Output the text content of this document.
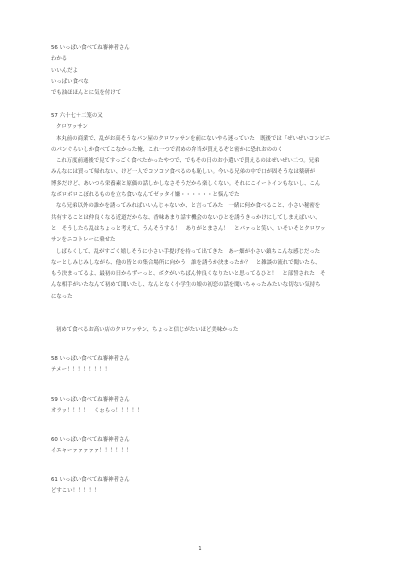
56 いっぱい食べてね審神者さん
わかる
いいんだよ
いっぱい食べな
でも油ほほんとに気を付けて
57 六十七＋二笼の又
クロワッサン
本丸前の商業で、乱がお高そうなパン屋のクロワッサンを前にないやら迷っていた　既後では「ぜいぜいコンビニ
のパンぐらいしか食べてこなかった俺、これ一つで君めの弁当が買えるぞと密かに恐れおののく
これ万度前通後で見てすっごく食べたかったやつで、でもその日のお小遣いで買えるのはぜいぜい二つ。兄弟
みんなには買って帰れない、けど一人でコソコソ食べるのも恥しい。今いる兄弟の中で口が固そうなは薬研が
博多だけど、あいつら栄養素と原価の話しかしなさそうだから楽しくない。それにこイートインもないし、こん
なボロボロこぼれるものを立ち食いなんてゼッタイ嫌・・・・・・と悩んでた
なら兄弟以外の誰かを誘ってみればいいんじゃないか、と言ってみた　一緒に何か食べること、小さい秘密を
共有することは仲良くなる近道だからな、香味あまり話す機会のないひとを誘うきっかけにしてしまえばいい、
と　そうしたら乱はちょっと考えて、うんそうする！　ありがとまさん！　とパァっと笑い、いそいそとクロワッ
サンをニコトレーに乗せた
しばらくして、乱がすごく嬉しそうに小さい手提げを持って出てきた　あー畑が小さい鎮ちこんな感じだった
なーとしみじみしながら、他の皆との集合場所に向かう　誰を誘うか決まったか？　と雑談の流れで聞いたら、
もう決まってるよ、最初の日からずーっと、ボクがいちばん仲良くなりたいと思ってるひと！　と部誓された　そ
んな相手がいたなんて初めて聞いたし、なんとなく小学生の娘の初恋の話を聞いちゃったみたいな切ない気持ち
になった
初めて食べるお高い店のクロワッサン、ちょっと信じがたいほど美味かった
58 いっぱい食べてね審神者さん
テメー！！！！！！！！
59 いっぱい食べてね審神者さん
オラッ！！！！　くぉらっ！！！！！
60 いっぱい食べてね審神者さん
イエャーァァァァァ！！！！！！
61 いっぱい食べてね審神者さん
どすこい！！！！！
1
